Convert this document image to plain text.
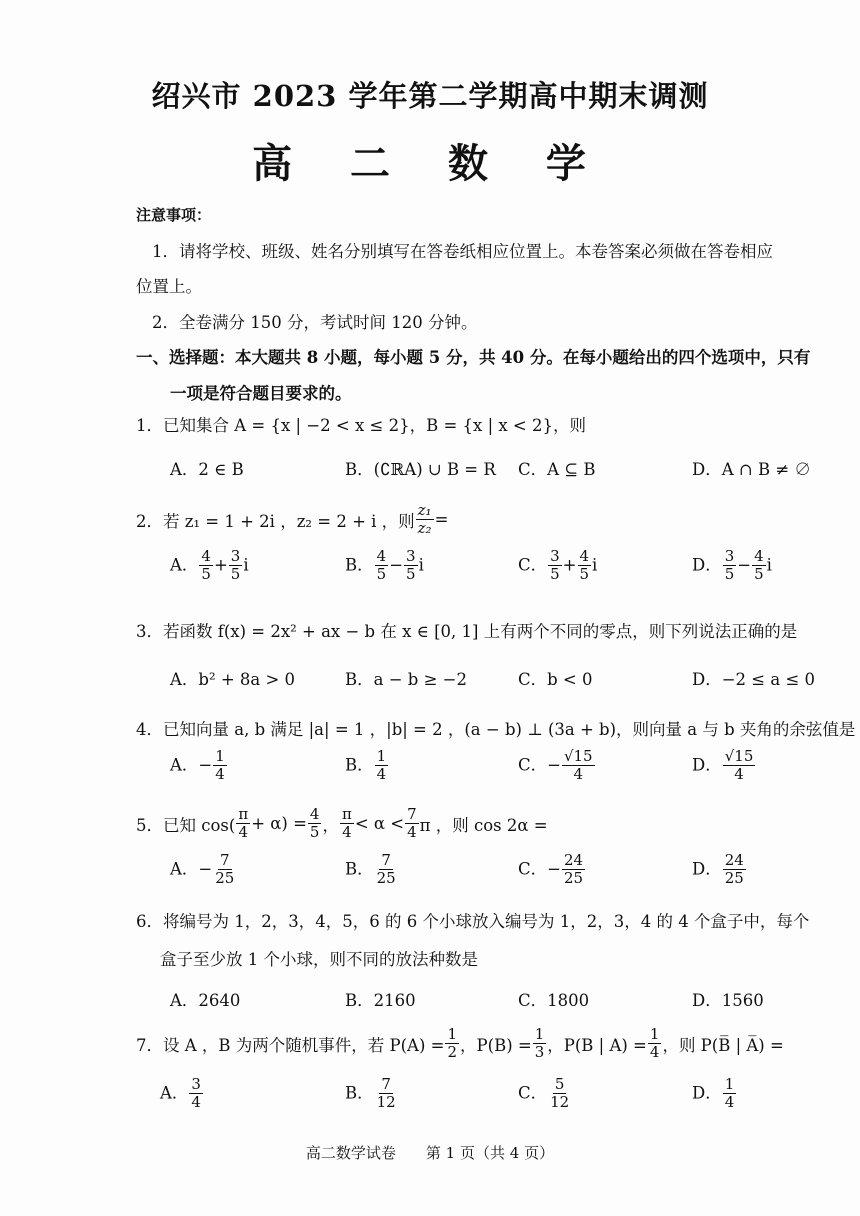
绍兴市 2023 学年第二学期高中期末调测
高 二 数 学
注意事项：
1．请将学校、班级、姓名分别填写在答卷纸相应位置上。本卷答案必须做在答卷相应
位置上。
2．全卷满分 150 分，考试时间 120 分钟。
一、选择题：本大题共 8 小题，每小题 5 分，共 40 分。在每小题给出的四个选项中，只有
一项是符合题目要求的。
1．已知集合 A = {x | −2 < x ≤ 2}，B = {x | x < 2}，则
A．2 ∈ B	B．(∁ℝA) ∪ B = R C．A ⊆ B	D．A ∩ B ≠ ∅
2．若 z₁ = 1 + 2i ，z₂ = 2 + i ，则 $\frac{\text{z₁}}{\text{z₂}}$ =
A． $\frac{4}{5} + \frac{3}{5}$ i	B． $\frac{4}{5} - \frac{3}{5}$ i	C． $\frac{3}{5} + \frac{4}{5}$ i	D． $\frac{3}{5} - \frac{4}{5}$ i
3．若函数 f(x) = 2x² + ax − b 在 x ∈ [0, 1] 上有两个不同的零点，则下列说法正确的是
A．b² + 8a > 0	B．a − b ≥ −2	C．b < 0	D．−2 ≤ a ≤ 0
4．已知向量 a, b 满足 |a| = 1 ，|b| = 2 ，(a − b) ⊥ (3a + b)，则向量 a 与 b 夹角的余弦值是
A．− $\frac{1}{4}$	B． $\frac{1}{4}$	C．− $\frac{√15}{4}$	D． $\frac{√15}{4}$
5．已知 $\cos( \frac{\pi}{4} + \alpha) = \frac{4}{5}$ ， $\frac{\pi}{4} < \alpha < \frac{7}{4}$ π ，则 cos 2α =
A．− $\frac{7}{25}$	B． $\frac{7}{25}$	C．− $\frac{24}{25}$	D． $\frac{24}{25}$
6．将编号为 1，2，3，4，5，6 的 6 个小球放入编号为 1，2，3，4 的 4 个盒子中，每个
盒子至少放 1 个小球，则不同的放法种数是
A．2640	B．2160	C．1800	D．1560
7．设 A ，B 为两个随机事件，若 $P(A) = \frac{1}{2}$ ，$P(B) = \frac{1}{3}$ ，P(B | $A) = \frac{1}{4}$ ，则 P(B̅ | A̅) =
A． $\frac{3}{4}$	B． $\frac{7}{12}$	C． $\frac{5}{12}$	D． $\frac{1}{4}$
高二数学试卷　　第 1 页（共 4 页）
